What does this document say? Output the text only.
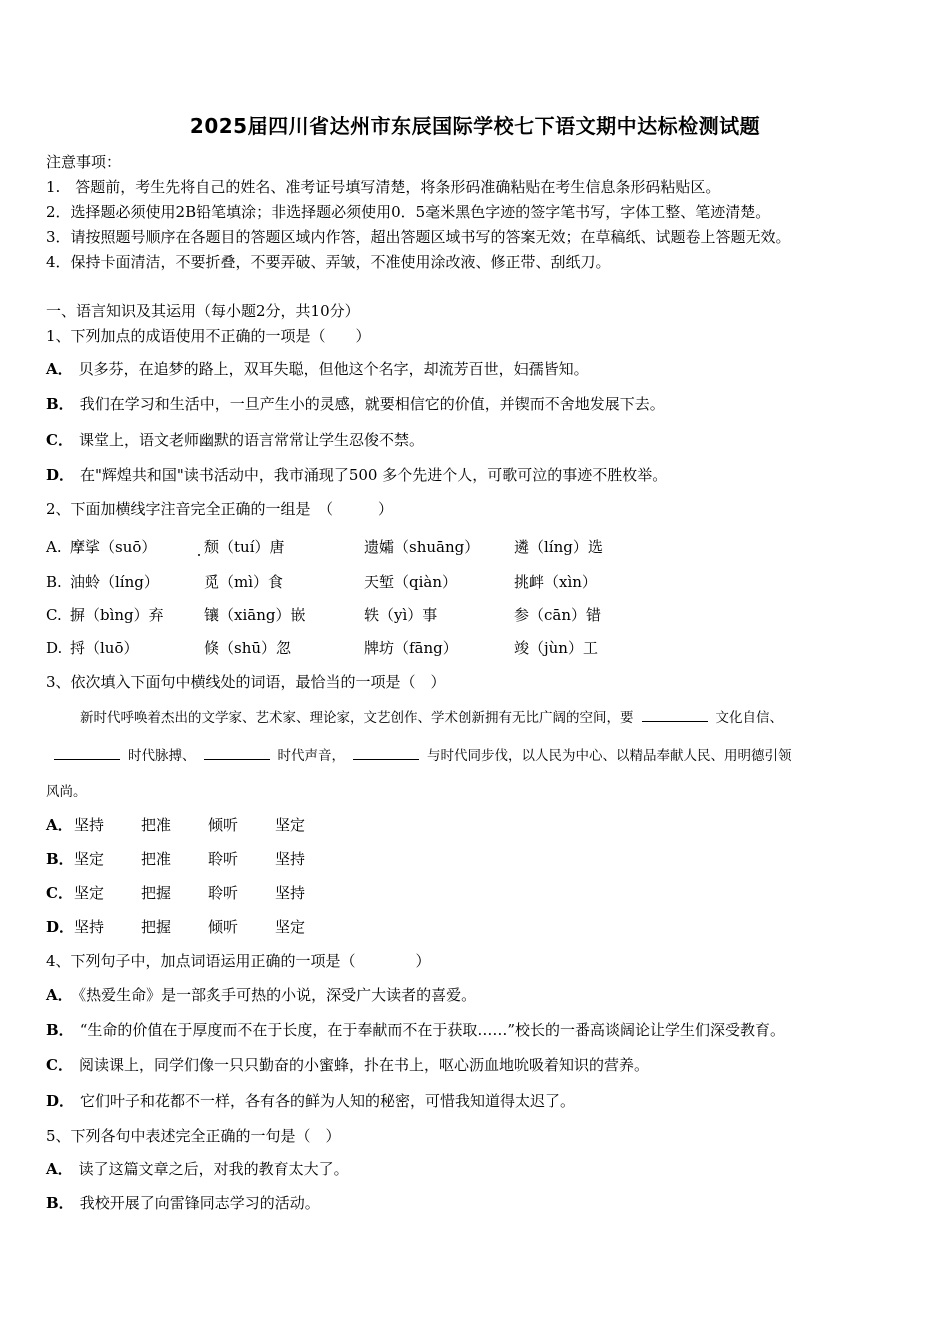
2025届四川省达州市东辰国际学校七下语文期中达标检测试题
注意事项：
1.　答题前，考生先将自己的姓名、准考证号填写清楚，将条形码准确粘贴在考生信息条形码粘贴区。
2．选择题必须使用2B铅笔填涂；非选择题必须使用0．5毫米黑色字迹的签字笔书写，字体工整、笔迹清楚。
3．请按照题号顺序在各题目的答题区域内作答，超出答题区域书写的答案无效；在草稿纸、试题卷上答题无效。
4．保持卡面清洁，不要折叠，不要弄破、弄皱，不准使用涂改液、修正带、刮纸刀。
一、语言知识及其运用（每小题2分，共10分）
1、下列加点的成语使用不正确的一项是（　　）
A． 贝多芬，在追梦的路上，双耳失聪，但他这个名字，却流芳百世，妇孺皆知。
B． 我们在学习和生活中，一旦产生小的灵感，就要相信它的价值，并锲而不舍地发展下去。
C． 课堂上，语文老师幽默的语言常常让学生忍俊不禁。
D． 在"辉煌共和国"读书活动中，我市涌现了500 多个先进个人，可歌可泣的事迹不胜枚举。
2、下面加横线字注音完全正确的一组是　（　　　）
A. 摩挲（suō）	颓（tuí）唐	遗孀（shuāng） 遴（líng）选
B. 油蛉（líng）	觅（mì）食	天堑（qiàn）	挑衅（xìn）
C. 摒（bìng）弃	镶（xiāng）嵌	轶（yì）事	参（cān）错
D. 捋（luō）	倏（shū）忽	牌坊（fāng）	竣（jùn）工
3、依次填入下面句中横线处的词语，最恰当的一项是（　）
新时代呼唤着杰出的文学家、艺术家、理论家，文艺创作、学术创新拥有无比广阔的空间，要	文化自信、
时代脉搏、	时代声音，	与时代同步伐，以人民为中心、以精品奉献人民、用明德引领
风尚。
A． 坚持 把准 倾听 坚定
B． 坚定 把准 聆听 坚持
C． 坚定 把握 聆听 坚持
D． 坚持 把握 倾听 坚定
4、下列句子中，加点词语运用正确的一项是（　　　　）
A． 《热爱生命》是一部炙手可热的小说，深受广大读者的喜爱。
B． “生命的价值在于厚度而不在于长度，在于奉献而不在于获取……”校长的一番高谈阔论让学生们深受教育。
C． 阅读课上，同学们像一只只勤奋的小蜜蜂，扑在书上，呕心沥血地吮吸着知识的营养。
D． 它们叶子和花都不一样，各有各的鲜为人知的秘密，可惜我知道得太迟了。
5、下列各句中表述完全正确的一句是（　）
A． 读了这篇文章之后，对我的教育太大了。
B． 我校开展了向雷锋同志学习的活动。
